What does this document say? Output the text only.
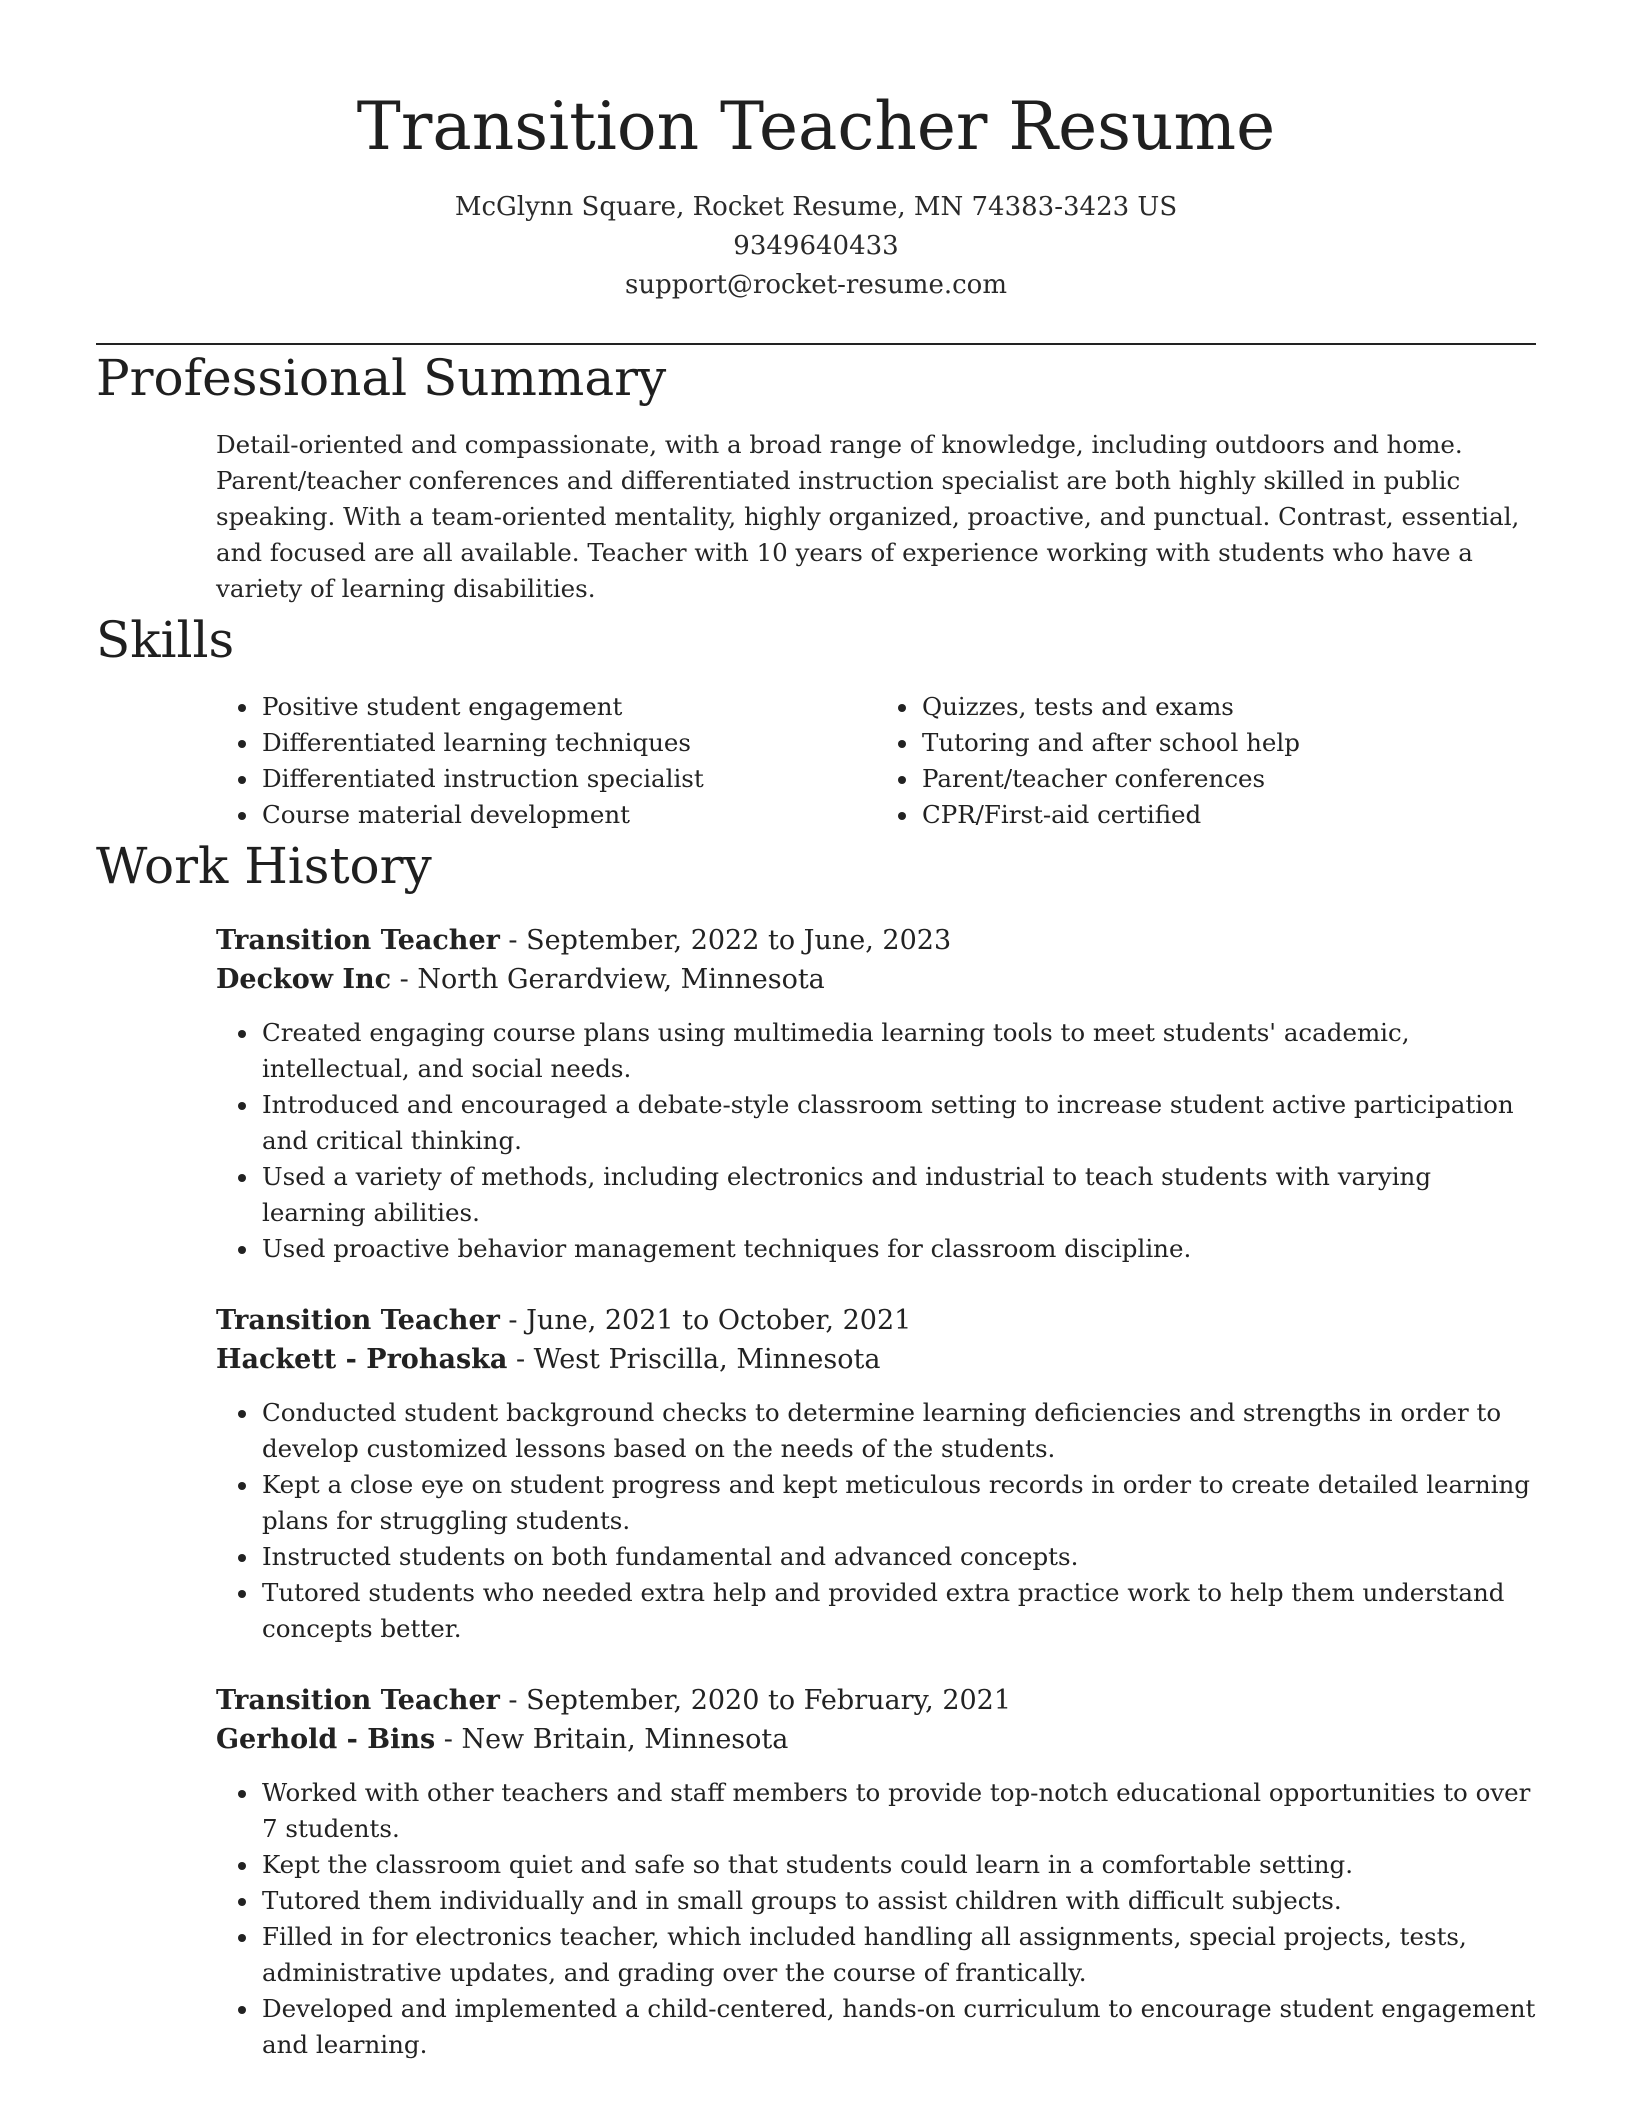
Transition Teacher Resume

McGlynn Square, Rocket Resume, MN 74383-3423 US

9349640433

support@rocket-resume.com

Professional Summary

Detail-oriented and compassionate, with a broad range of knowledge, including outdoors and home. Parent/teacher conferences and differentiated instruction specialist are both highly skilled in public speaking. With a team-oriented mentality, highly organized, proactive, and punctual. Contrast, essential, and focused are all available. Teacher with 10 years of experience working with students who have a variety of learning disabilities.

Skills
• Positive student engagement
• Differentiated learning techniques
• Differentiated instruction specialist
• Course material development
• Quizzes, tests and exams
• Tutoring and after school help
• Parent/teacher conferences
• CPR/First-aid certified
Work History

Transition Teacher - September, 2022 to June, 2023

Deckow Inc - North Gerardview, Minnesota

• Created engaging course plans using multimedia learning tools to meet students' academic, intellectual, and social needs.
• Introduced and encouraged a debate-style classroom setting to increase student active participation and critical thinking.
• Used a variety of methods, including electronics and industrial to teach students with varying learning abilities.
• Used proactive behavior management techniques for classroom discipline.

Transition Teacher - June, 2021 to October, 2021

Hackett - Prohaska - West Priscilla, Minnesota

• Conducted student background checks to determine learning deficiencies and strengths in order to develop customized lessons based on the needs of the students.
• Kept a close eye on student progress and kept meticulous records in order to create detailed learning plans for struggling students.
• Instructed students on both fundamental and advanced concepts.
• Tutored students who needed extra help and provided extra practice work to help them understand concepts better.

Transition Teacher - September, 2020 to February, 2021

Gerhold - Bins - New Britain, Minnesota

• Worked with other teachers and staff members to provide top-notch educational opportunities to over 7 students.
• Kept the classroom quiet and safe so that students could learn in a comfortable setting.
• Tutored them individually and in small groups to assist children with difficult subjects.
• Filled in for electronics teacher, which included handling all assignments, special projects, tests, administrative updates, and grading over the course of frantically.
• Developed and implemented a child-centered, hands-on curriculum to encourage student engagement and learning.
